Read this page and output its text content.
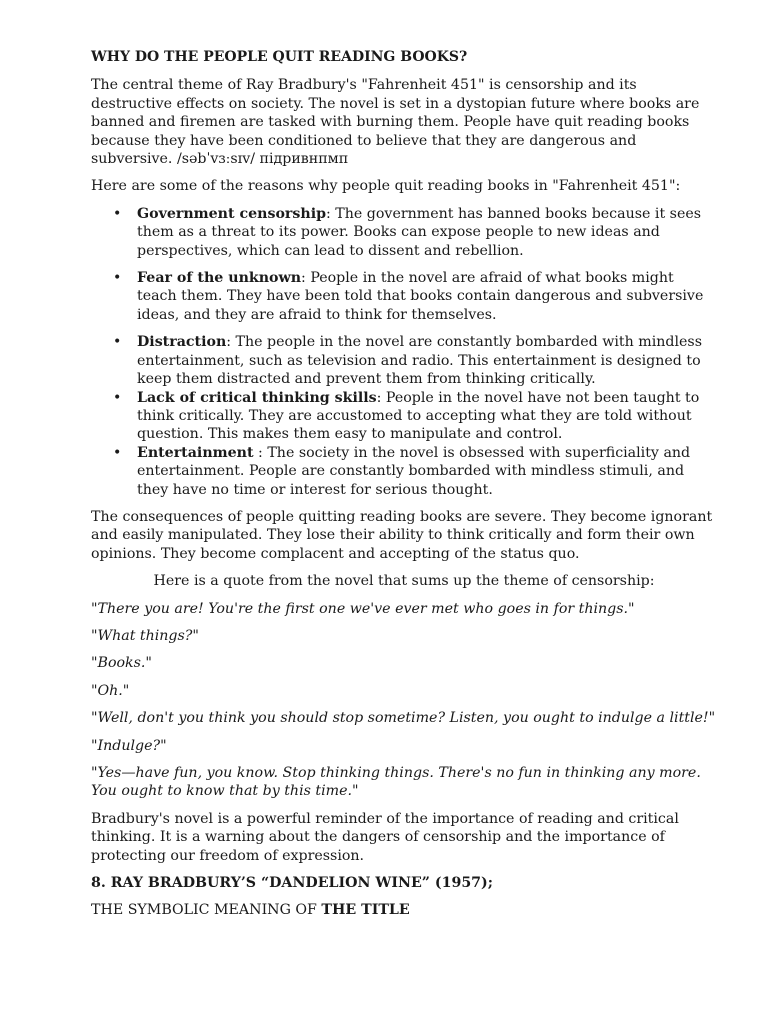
WHY DO THE PEOPLE QUIT READING BOOKS?

The central theme of Ray Bradbury's "Fahrenheit 451" is censorship and its destructive effects on society. The novel is set in a dystopian future where books are banned and firemen are tasked with burning them. People have quit reading books because they have been conditioned to believe that they are dangerous and subversive. /səbˈvɜːsɪv/ підривнпмп

Here are some of the reasons why people quit reading books in "Fahrenheit 451":

• Government censorship: The government has banned books because it sees them as a threat to its power. Books can expose people to new ideas and perspectives, which can lead to dissent and rebellion.
• Fear of the unknown: People in the novel are afraid of what books might teach them. They have been told that books contain dangerous and subversive ideas, and they are afraid to think for themselves.
• Distraction: The people in the novel are constantly bombarded with mindless entertainment, such as television and radio. This entertainment is designed to keep them distracted and prevent them from thinking critically.
• Lack of critical thinking skills: People in the novel have not been taught to think critically. They are accustomed to accepting what they are told without question. This makes them easy to manipulate and control.
• Entertainment : The society in the novel is obsessed with superficiality and entertainment. People are constantly bombarded with mindless stimuli, and they have no time or interest for serious thought.

The consequences of people quitting reading books are severe. They become ignorant and easily manipulated. They lose their ability to think critically and form their own opinions. They become complacent and accepting of the status quo.

Here is a quote from the novel that sums up the theme of censorship:

"There you are! You're the first one we've ever met who goes in for things."

"What things?"

"Books."

"Oh."

"Well, don't you think you should stop sometime? Listen, you ought to indulge a little!"

"Indulge?"

"Yes—have fun, you know. Stop thinking things. There's no fun in thinking any more. You ought to know that by this time."

Bradbury's novel is a powerful reminder of the importance of reading and critical thinking. It is a warning about the dangers of censorship and the importance of protecting our freedom of expression.

8. RAY BRADBURY’S “DANDELION WINE” (1957);

THE SYMBOLIC MEANING OF THE TITLE
